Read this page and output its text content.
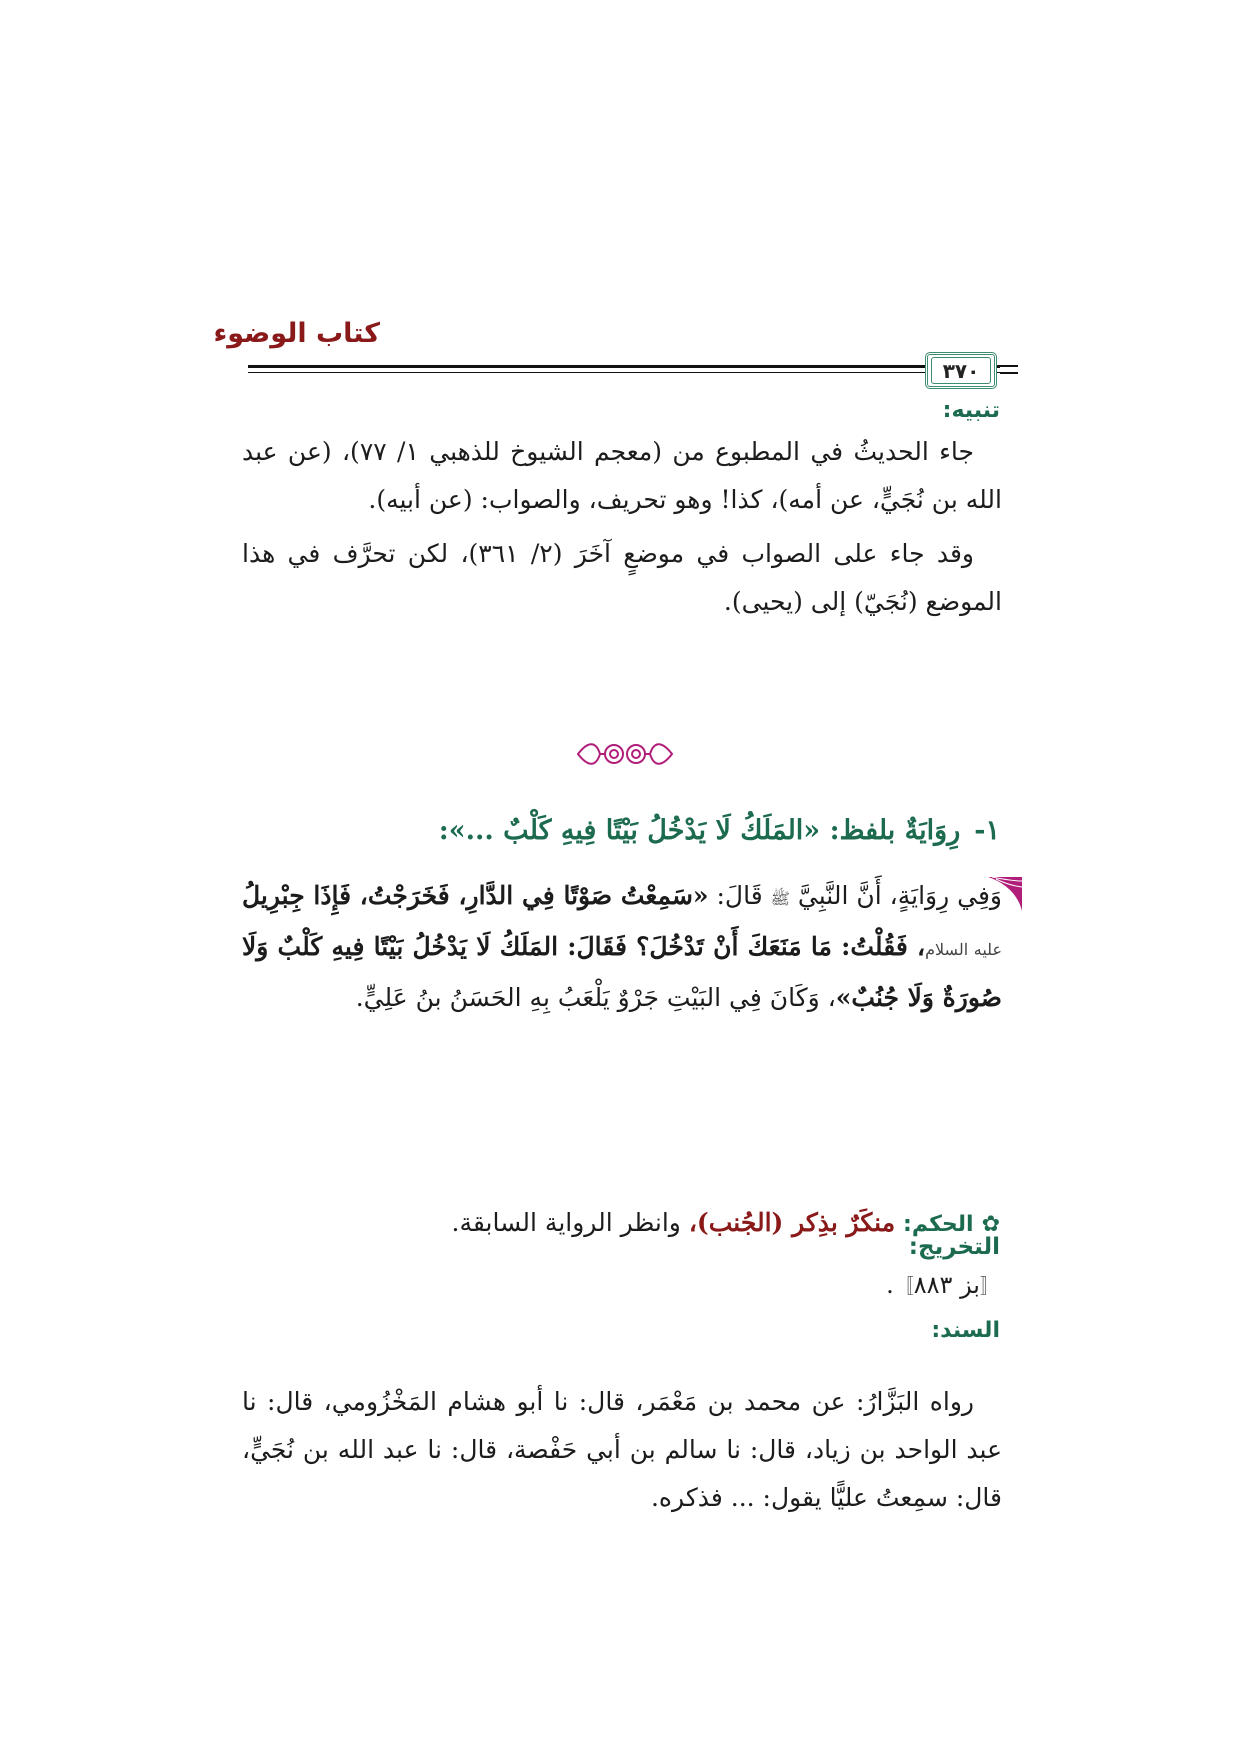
كتاب الوضوء
٣٧٠
تنبيه:
جاء الحديثُ في المطبوع من (معجم الشيوخ للذهبي ١/ ٧٧)، (عن عبد الله بن نُجَيٍّ، عن أمه)، كذا! وهو تحريف، والصواب: (عن أبيه).
وقد جاء على الصواب في موضعٍ آخَرَ (٢/ ٣٦١)، لكن تحرَّف في هذا الموضع (نُجَيّ) إلى (يحيى).
١-رِوَايَةٌ بلفظ: «المَلَكُ لَا يَدْخُلُ بَيْتًا فِيهِ كَلْبٌ ...»:
وَفِي رِوَايَةٍ، أَنَّ النَّبِيَّ ﷺ قَالَ: «سَمِعْتُ صَوْتًا فِي الدَّارِ، فَخَرَجْتُ، فَإِذَا جِبْرِيلُ عليه السلام، فَقُلْتُ: مَا مَنَعَكَ أَنْ تَدْخُلَ؟ فَقَالَ: المَلَكُ لَا يَدْخُلُ بَيْتًا فِيهِ كَلْبٌ وَلَا صُورَةٌ وَلَا جُنُبٌ»، وَكَانَ فِي البَيْتِ جَرْوٌ يَلْعَبُ بِهِ الحَسَنُ بنُ عَلِيٍّ.
✿الحكم: منكَرٌ بذِكر (الجُنب)، وانظر الرواية السابقة.
التخريج:
〚بز ٨٨٣〛.
السند:
رواه البَزَّارُ: عن محمد بن مَعْمَر، قال: نا أبو هشام المَخْزُومي، قال: نا عبد الواحد بن زياد، قال: نا سالم بن أبي حَفْصة، قال: نا عبد الله بن نُجَيٍّ، قال: سمِعتُ عليًّا يقول: ... فذكره.
